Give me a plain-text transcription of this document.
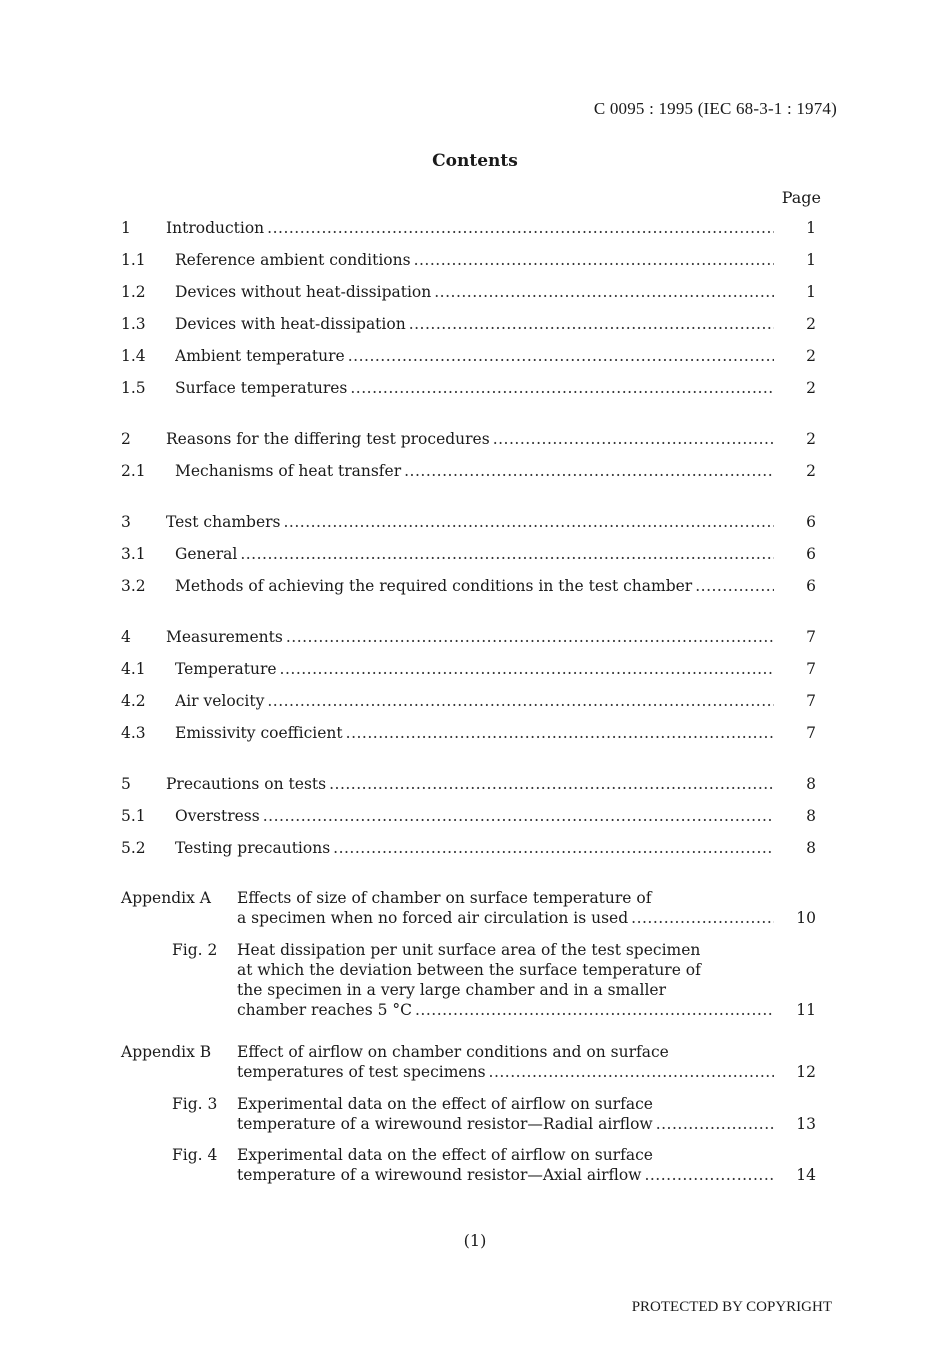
C 0095 : 1995 (IEC 68-3-1 : 1974)
Contents
Page
1 Introduction .....	1
1.1 Reference ambient conditions .....	1
1.2 Devices without heat-dissipation .....	1
1.3 Devices with heat-dissipation .....	2
1.4 Ambient temperature .....	2
1.5 Surface temperatures .....	2
2 Reasons for the differing test procedures .....	2
2.1 Mechanisms of heat transfer .....	2
3 Test chambers .....	6
3.1 General .....	6
3.2 Methods of achieving the required conditions in the test chamber .....	6
4 Measurements .....	7
4.1 Temperature .....	7
4.2 Air velocity .....	7
4.3 Emissivity coefficient .....	7
5 Precautions on tests .....	8
5.1 Overstress .....	8
5.2 Testing precautions .....	8
Appendix A Effects of size of chamber on surface temperature of
a specimen when no forced air circulation is used .....	10
Fig. 2 Heat dissipation per unit surface area of the test specimen
at which the deviation between the surface temperature of
the specimen in a very large chamber and in a smaller
chamber reaches 5 °C .....	11
Appendix B Effect of airflow on chamber conditions and on surface
temperatures of test specimens .....	12
Fig. 3 Experimental data on the effect of airflow on surface
temperature of a wirewound resistor—Radial airflow .....	13
Fig. 4 Experimental data on the effect of airflow on surface
temperature of a wirewound resistor—Axial airflow .....	14
(1)
PROTECTED BY COPYRIGHT
